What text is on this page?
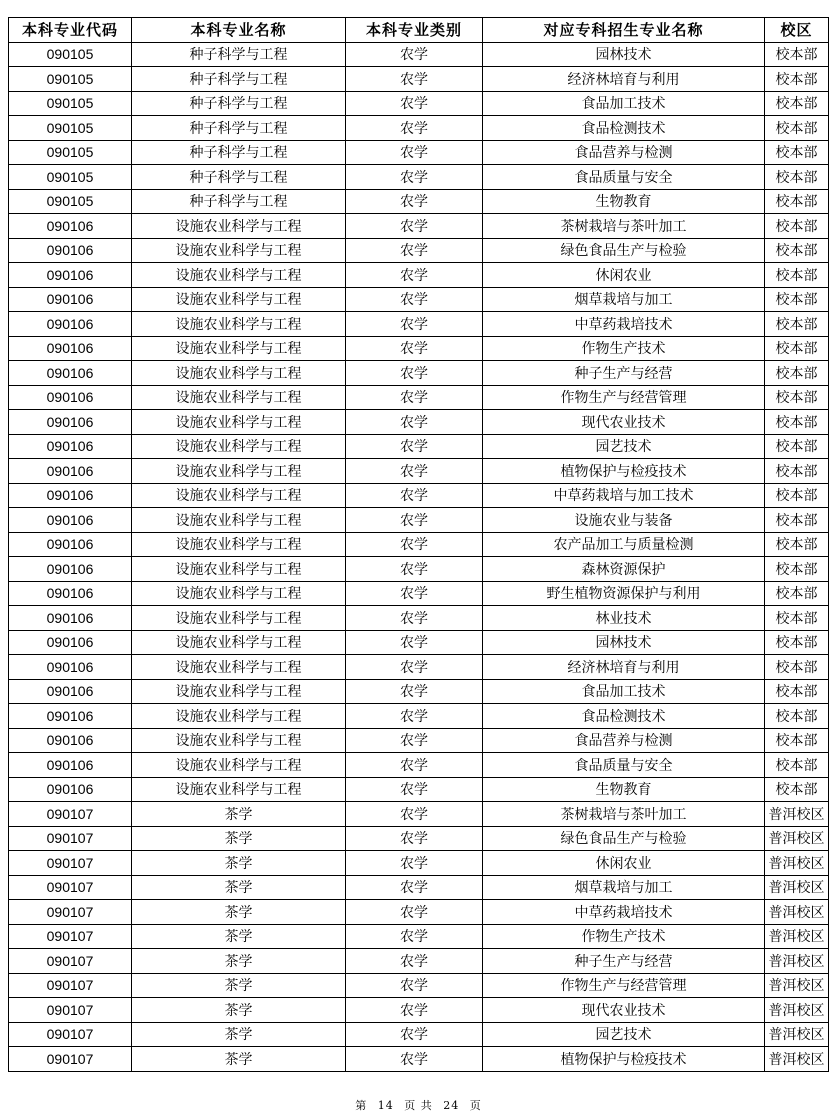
本科专业代码	本科专业名称	本科专业类别	对应专科招生专业名称	校区
090105	种子科学与工程	农学	园林技术	校本部
090105	种子科学与工程	农学	经济林培育与利用	校本部
090105	种子科学与工程	农学	食品加工技术	校本部
090105	种子科学与工程	农学	食品检测技术	校本部
090105	种子科学与工程	农学	食品营养与检测	校本部
090105	种子科学与工程	农学	食品质量与安全	校本部
090105	种子科学与工程	农学	生物教育	校本部
090106	设施农业科学与工程	农学	茶树栽培与茶叶加工	校本部
090106	设施农业科学与工程	农学	绿色食品生产与检验	校本部
090106	设施农业科学与工程	农学	休闲农业	校本部
090106	设施农业科学与工程	农学	烟草栽培与加工	校本部
090106	设施农业科学与工程	农学	中草药栽培技术	校本部
090106	设施农业科学与工程	农学	作物生产技术	校本部
090106	设施农业科学与工程	农学	种子生产与经营	校本部
090106	设施农业科学与工程	农学	作物生产与经营管理	校本部
090106	设施农业科学与工程	农学	现代农业技术	校本部
090106	设施农业科学与工程	农学	园艺技术	校本部
090106	设施农业科学与工程	农学	植物保护与检疫技术	校本部
090106	设施农业科学与工程	农学	中草药栽培与加工技术	校本部
090106	设施农业科学与工程	农学	设施农业与装备	校本部
090106	设施农业科学与工程	农学	农产品加工与质量检测	校本部
090106	设施农业科学与工程	农学	森林资源保护	校本部
090106	设施农业科学与工程	农学	野生植物资源保护与利用	校本部
090106	设施农业科学与工程	农学	林业技术	校本部
090106	设施农业科学与工程	农学	园林技术	校本部
090106	设施农业科学与工程	农学	经济林培育与利用	校本部
090106	设施农业科学与工程	农学	食品加工技术	校本部
090106	设施农业科学与工程	农学	食品检测技术	校本部
090106	设施农业科学与工程	农学	食品营养与检测	校本部
090106	设施农业科学与工程	农学	食品质量与安全	校本部
090106	设施农业科学与工程	农学	生物教育	校本部
090107	茶学	农学	茶树栽培与茶叶加工	普洱校区
090107	茶学	农学	绿色食品生产与检验	普洱校区
090107	茶学	农学	休闲农业	普洱校区
090107	茶学	农学	烟草栽培与加工	普洱校区
090107	茶学	农学	中草药栽培技术	普洱校区
090107	茶学	农学	作物生产技术	普洱校区
090107	茶学	农学	种子生产与经营	普洱校区
090107	茶学	农学	作物生产与经营管理	普洱校区
090107	茶学	农学	现代农业技术	普洱校区
090107	茶学	农学	园艺技术	普洱校区
090107	茶学	农学	植物保护与检疫技术	普洱校区
第 14 页 共 24 页
